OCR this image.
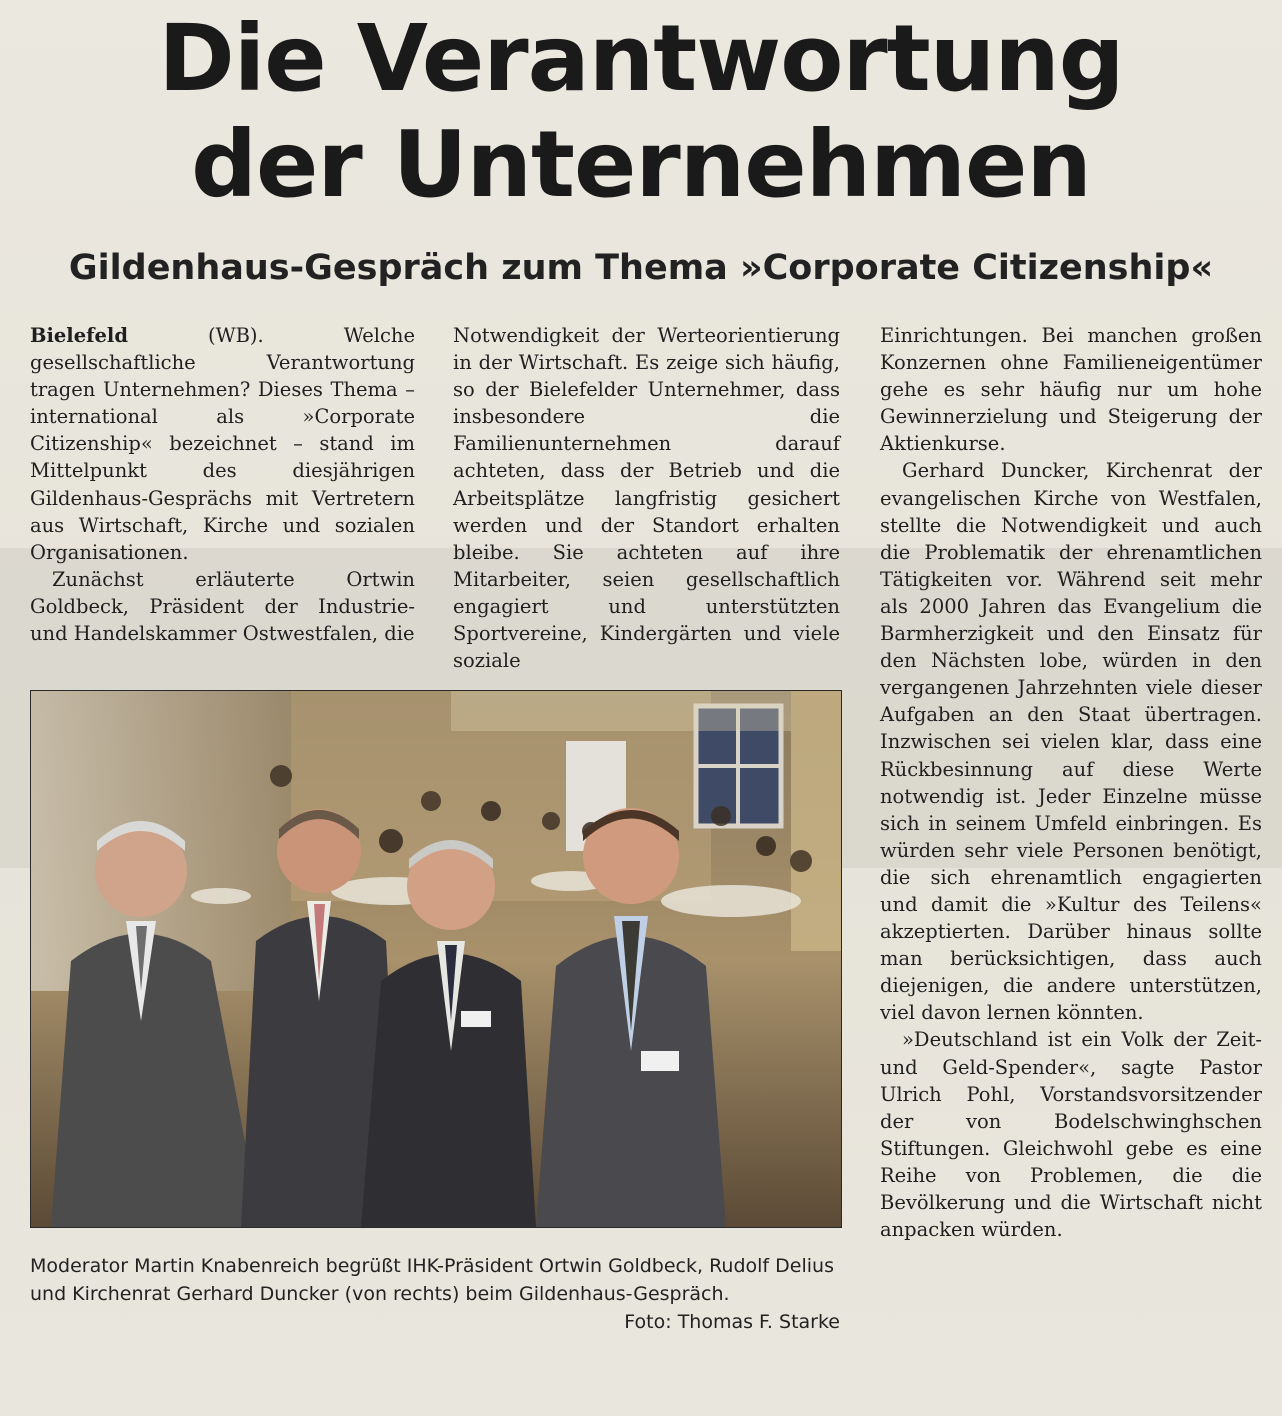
Die Verantwortung
der Unternehmen
Gildenhaus-Gespräch zum Thema »Corporate Citizenship«

Bielefeld (WB). Welche gesellschaftliche Verantwortung tragen Unternehmen? Dieses Thema – international als »Corporate Citizenship« bezeichnet – stand im Mittelpunkt des diesjährigen Gildenhaus-Gesprächs mit Vertretern aus Wirtschaft, Kirche und sozialen Organisationen.

Zunächst erläuterte Ortwin Goldbeck, Präsident der Industrie- und Handelskammer Ostwestfalen, die

Notwendigkeit der Werteorientierung in der Wirtschaft. Es zeige sich häufig, so der Bielefelder Unternehmer, dass insbesondere die Familienunternehmen darauf achteten, dass der Betrieb und die Arbeitsplätze langfristig gesichert werden und der Standort erhalten bleibe. Sie achteten auf ihre Mitarbeiter, seien gesellschaftlich engagiert und unterstützten Sportvereine, Kindergärten und viele soziale

Einrichtungen. Bei manchen großen Konzernen ohne Familieneigentümer gehe es sehr häufig nur um hohe Gewinnerzielung und Steigerung der Aktienkurse.

Gerhard Duncker, Kirchenrat der evangelischen Kirche von Westfalen, stellte die Notwendigkeit und auch die Problematik der ehrenamtlichen Tätigkeiten vor. Während seit mehr als 2000 Jahren das Evangelium die Barmherzigkeit und den Einsatz für den Nächsten lobe, würden in den vergangenen Jahrzehnten viele dieser Aufgaben an den Staat übertragen. Inzwischen sei vielen klar, dass eine Rückbesinnung auf diese Werte notwendig ist. Jeder Einzelne müsse sich in seinem Umfeld einbringen. Es würden sehr viele Personen benötigt, die sich ehrenamtlich engagierten und damit die »Kultur des Teilens« akzeptierten. Darüber hinaus sollte man berücksichtigen, dass auch diejenigen, die andere unterstützen, viel davon lernen könnten.

»Deutschland ist ein Volk der Zeit- und Geld-Spender«, sagte Pastor Ulrich Pohl, Vorstandsvorsitzender der von Bodelschwinghschen Stiftungen. Gleichwohl gebe es eine Reihe von Problemen, die die Bevölkerung und die Wirtschaft nicht anpacken würden.

Moderator Martin Knabenreich begrüßt IHK-Präsident Ortwin Goldbeck, Rudolf Delius und Kirchenrat Gerhard Duncker (von rechts) beim Gildenhaus-Gespräch.
Foto: Thomas F. Starke
